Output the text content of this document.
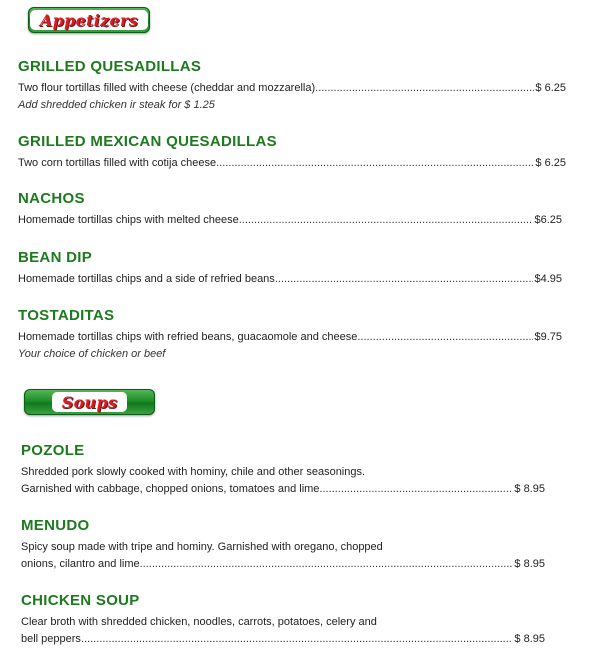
Appetizers
GRILLED QUESADILLAS
Two flour tortillas filled with cheese (cheddar and mozzarella) .....	$ 6.25
Add shredded chicken ir steak for $ 1.25
GRILLED MEXICAN QUESADILLAS
Two corn tortillas filled with cotija cheese .....	$ 6.25
NACHOS
Homemade tortillas chips with melted cheese .....	$6.25
BEAN DIP
Homemade tortillas chips and a side of refried beans .....	$4.95
TOSTADITAS
Homemade tortillas chips with refried beans, guacaomole and cheese .....	$9.75
Your choice of chicken or beef
Soups
POZOLE
Shredded pork slowly cooked with hominy, chile and other seasonings.
Garnished with cabbage, chopped onions, tomatoes and lime .....	$ 8.95
MENUDO
Spicy soup made with tripe and hominy. Garnished with oregano, chopped
onions, cilantro and lime .....	$ 8.95
CHICKEN SOUP
Clear broth with shredded chicken, noodles, carrots, potatoes, celery and
bell peppers .....	$ 8.95
